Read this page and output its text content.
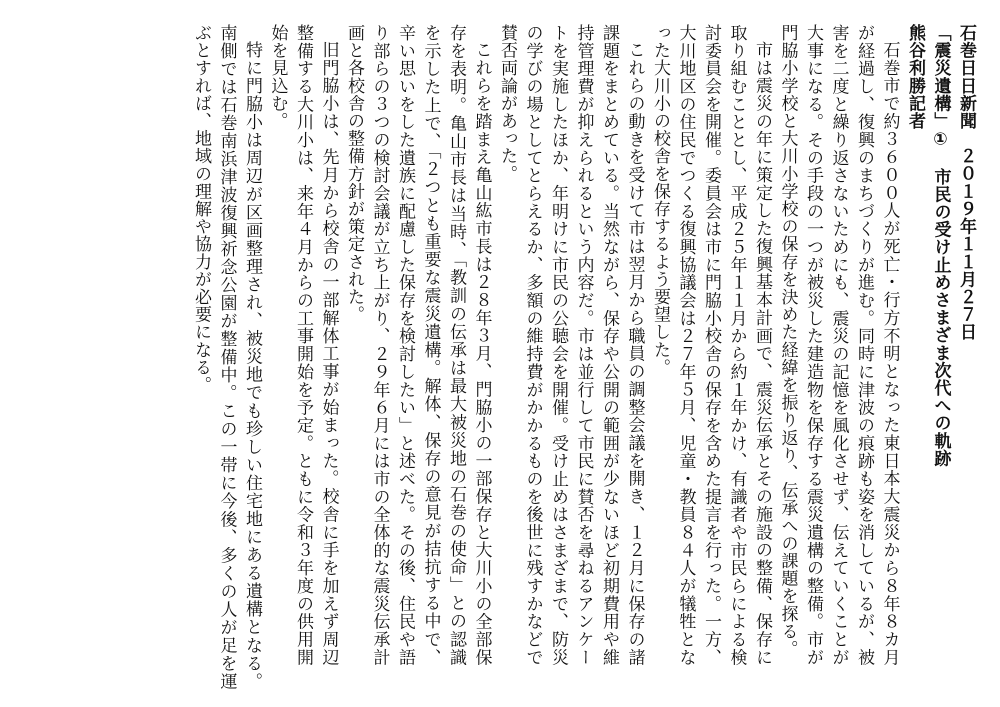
石巻日日新聞　２０１９年１１月２７日
「震災遺構」①　市民の受け止めさまざま次代への軌跡
熊谷利勝記者

石巻市で約３６００人が死亡・行方不明となった東日本大震災から８年８カ月が経過し、復興のまちづくりが進む。同時に津波の痕跡も姿を消しているが、被害を二度と繰り返さないためにも、震災の記憶を風化させず、伝えていくことが大事になる。その手段の一つが被災した建造物を保存する震災遺構の整備。市が門脇小学校と大川小学校の保存を決めた経緯を振り返り、伝承への課題を探る。

市は震災の年に策定した復興基本計画で、震災伝承とその施設の整備、保存に取り組むこととし、平成２５年１１月から約１年かけ、有識者や市民らによる検討委員会を開催。委員会は市に門脇小校舎の保存を含めた提言を行った。一方、大川地区の住民でつくる復興協議会は２７年５月、児童・教員８４人が犠牲となった大川小の校舎を保存するよう要望した。

これらの動きを受けて市は翌月から職員の調整会議を開き、１２月に保存の諸課題をまとめている。当然ながら、保存や公開の範囲が少ないほど初期費用や維持管理費が抑えられるという内容だ。市は並行して市民に賛否を尋ねるアンケートを実施したほか、年明けに市民の公聴会を開催。受け止めはさまざまで、防災の学びの場としてとらえるか、多額の維持費がかかるものを後世に残すかなどで賛否両論があった。

これらを踏まえ亀山紘市長は２８年３月、門脇小の一部保存と大川小の全部保存を表明。亀山市長は当時、「教訓の伝承は最大被災地の石巻の使命」との認識を示した上で、「２つとも重要な震災遺構。解体、保存の意見が拮抗する中で、辛い思いをした遺族に配慮した保存を検討したい」と述べた。その後、住民や語り部らの３つの検討会議が立ち上がり、２９年６月には市の全体的な震災伝承計画と各校舎の整備方針が策定された。

旧門脇小は、先月から校舎の一部解体工事が始まった。校舎に手を加えず周辺整備する大川小は、来年４月からの工事開始を予定。ともに令和３年度の供用開始を見込む。

特に門脇小は周辺が区画整理され、被災地でも珍しい住宅地にある遺構となる。南側では石巻南浜津波復興祈念公園が整備中。この一帯に今後、多くの人が足を運ぶとすれば、地域の理解や協力が必要になる。
